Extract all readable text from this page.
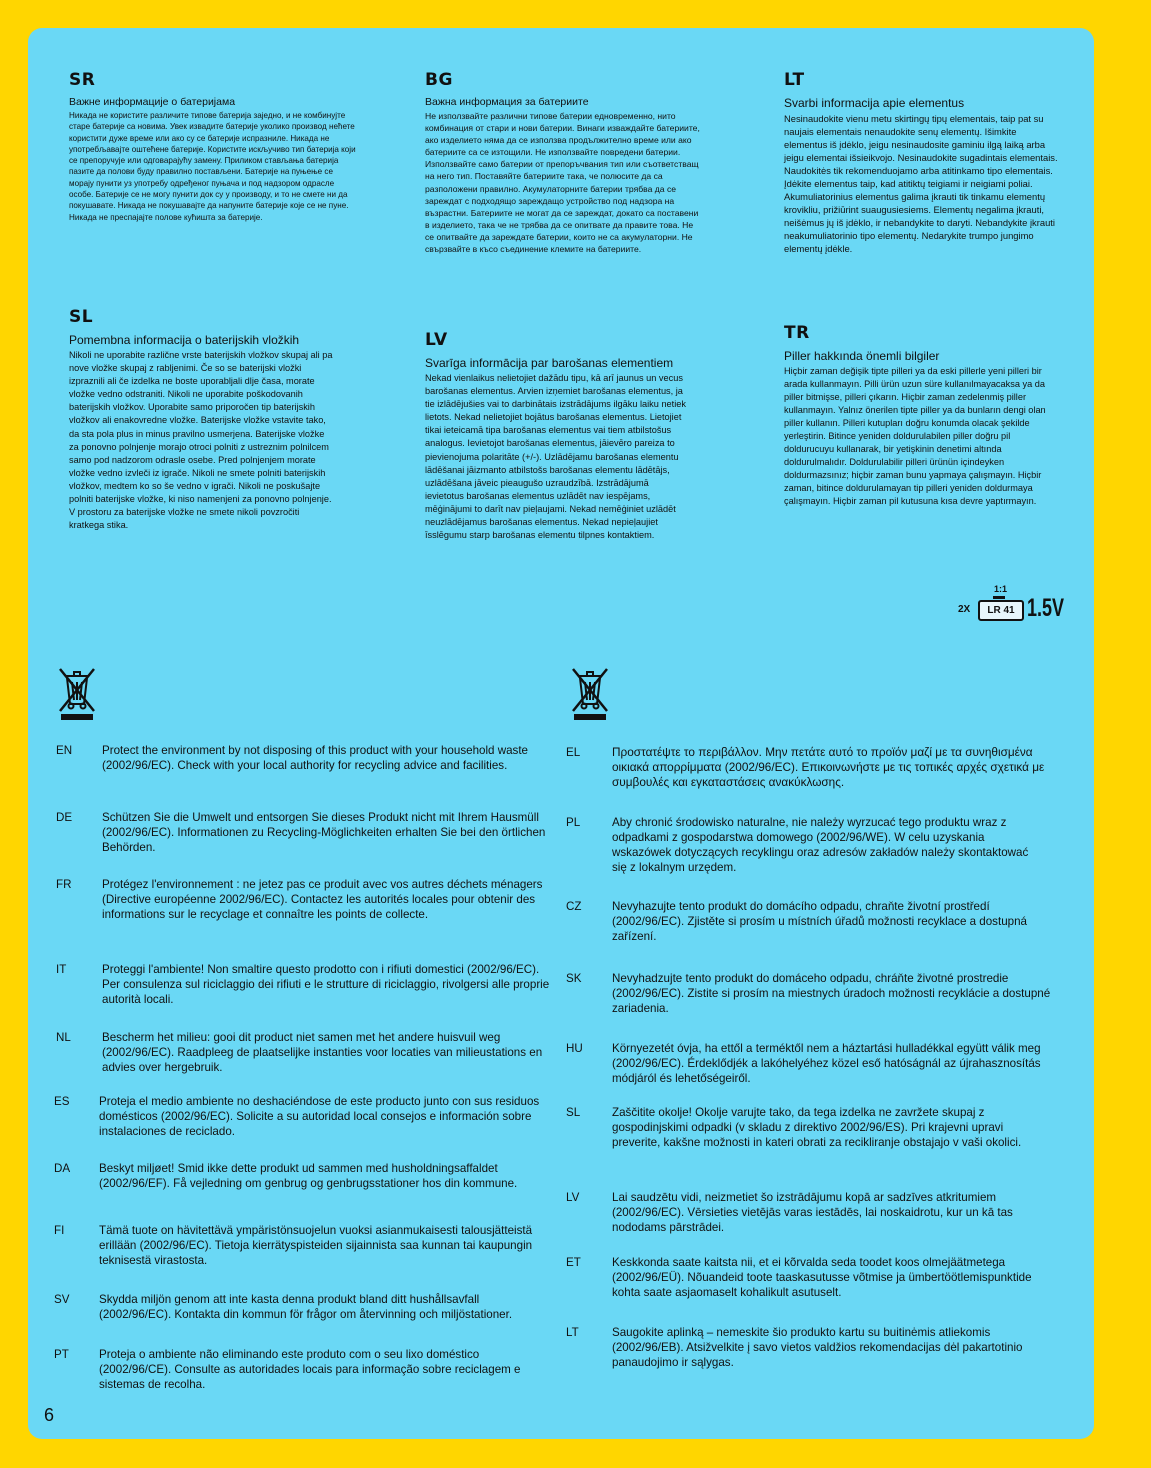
SR
Важне информације о батеријама

Никада не користите различите типове батерија заједно, и не комбинујте старе батерије са новима. Увек извадите батерије уколико производ нећете користити дуже време или ако су се батерије испразниле. Никада не употребљавајте оштећене батерије. Користите искључиво тип батерија који се препоручује или одговарајућу замену. Приликом стављања батерија пазите да полови буду правилно постављени. Батерије на пуњење се морају пунити уз употребу одређеног пуњача и под надзором одрасле особе. Батерије се не могу пунити док су у производу, и то не смете ни да покушавате. Никада не покушавајте да напуните батерије које се не пуне. Никада не преспајајте полове кућишта за батерије.

BG
Важна информация за батериите

Не използвайте различни типове батерии едновременно, нито комбинация от стари и нови батерии. Винаги изваждайте батериите, ако изделието няма да се използва продължително време или ако батериите са се изтощили. Не използвайте повредени батерии. Използвайте само батерии от препоръчвания тип или съответстващ на него тип. Поставяйте батериите така, че полюсите да са разположени правилно. Акумулаторните батерии трябва да се зареждат с подходящо зареждащо устройство под надзора на възрастни. Батериите не могат да се зареждат, докато са поставени в изделието, така че не трябва да се опитвате да правите това. Не се опитвайте да зареждате батерии, които не са акумулаторни. Не свързвайте в късо съединение клемите на батериите.

LT
Svarbi informacija apie elementus

Nesinaudokite vienu metu skirtingų tipų elementais, taip pat su naujais elementais nenaudokite senų elementų. Išimkite elementus iš įdėklo, jeigu nesinaudosite gaminiu ilgą laiką arba jeigu elementai išsieikvojo. Nesinaudokite sugadintais elementais. Naudokitės tik rekomenduojamo arba atitinkamo tipo elementais. Įdėkite elementus taip, kad atitiktų teigiami ir neigiami poliai. Akumuliatorinius elementus galima įkrauti tik tinkamu elementų krovikliu, prižiūrint suaugusiesiems. Elementų negalima įkrauti, neišėmus jų iš įdėklo, ir nebandykite to daryti. Nebandykite įkrauti neakumuliatorinio tipo elementų. Nedarykite trumpo jungimo elementų įdėkle.

SL
Pomembna informacija o baterijskih vložkih

Nikoli ne uporabite različne vrste baterijskih vložkov skupaj ali pa nove vložke skupaj z rabljenimi. Če so se baterijski vložki izpraznili ali če izdelka ne boste uporabljali dlje časa, morate vložke vedno odstraniti. Nikoli ne uporabite poškodovanih baterijskih vložkov. Uporabite samo priporočen tip baterijskih vložkov ali enakovredne vložke. Baterijske vložke vstavite tako, da sta pola plus in minus pravilno usmerjena. Baterijske vložke za ponovno polnjenje morajo otroci polniti z ustreznim polnilcem samo pod nadzorom odrasle osebe. Pred polnjenjem morate vložke vedno izvleči iz igrače. Nikoli ne smete polniti baterijskih vložkov, medtem ko so še vedno v igrači. Nikoli ne poskušajte polniti baterijske vložke, ki niso namenjeni za ponovno polnjenje. V prostoru za baterijske vložke ne smete nikoli povzročiti kratkega stika.

LV
Svarīga informācija par barošanas elementiem

Nekad vienlaikus nelietojiet dažādu tipu, kā arī jaunus un vecus barošanas elementus. Arvien izņemiet barošanas elementus, ja tie izlādējušies vai to darbinātais izstrādājums ilgāku laiku netiek lietots. Nekad nelietojiet bojātus barošanas elementus. Lietojiet tikai ieteicamā tipa barošanas elementus vai tiem atbilstošus analogus. Ievietojot barošanas elementus, jāievēro pareiza to pievienojuma polaritāte (+/-). Uzlādējamu barošanas elementu lādēšanai jāizmanto atbilstošs barošanas elementu lādētājs, uzlādēšana jāveic pieaugušo uzraudzībā. Izstrādājumā ievietotus barošanas elementus uzlādēt nav iespējams, mēģinājumi to darīt nav pieļaujami. Nekad nemēģiniet uzlādēt neuzlādējamus barošanas elementus. Nekad nepieļaujiet īsslēgumu starp barošanas elementu tilpnes kontaktiem.

TR
Piller hakkında önemli bilgiler

Hiçbir zaman değişik tipte pilleri ya da eski pillerle yeni pilleri bir arada kullanmayın. Pilli ürün uzun süre kullanılmayacaksa ya da piller bitmişse, pilleri çıkarın. Hiçbir zaman zedelenmiş piller kullanmayın. Yalnız önerilen tipte piller ya da bunların dengi olan piller kullanın. Pilleri kutupları doğru konumda olacak şekilde yerleştirin. Bitince yeniden doldurulabilen piller doğru pil doldurucuyu kullanarak, bir yetişkinin denetimi altında doldurulmalıdır. Doldurulabilir pilleri ürünün içindeyken doldurmazsınız; hiçbir zaman bunu yapmaya çalışmayın. Hiçbir zaman, bitince doldurulamayan tip pilleri yeniden doldurmaya çalışmayın. Hiçbir zaman pil kutusuna kısa devre yaptırmayın.

1:1
2X	LR 41 1.5V
EN	Protect the environment by not disposing of this product with your household waste (2002/96/EC). Check with your local authority for recycling advice and facilities.
DE	Schützen Sie die Umwelt und entsorgen Sie dieses Produkt nicht mit Ihrem Hausmüll (2002/96/EC). Informationen zu Recycling-Möglichkeiten erhalten Sie bei den örtlichen Behörden.
FR	Protégez l'environnement : ne jetez pas ce produit avec vos autres déchets ménagers (Directive européenne 2002/96/EC). Contactez les autorités locales pour obtenir des informations sur le recyclage et connaître les points de collecte.
IT	Proteggi l'ambiente! Non smaltire questo prodotto con i rifiuti domestici (2002/96/EC). Per consulenza sul riciclaggio dei rifiuti e le strutture di riciclaggio, rivolgersi alle proprie autorità locali.
NL	Bescherm het milieu: gooi dit product niet samen met het andere huisvuil weg (2002/96/EC). Raadpleeg de plaatselijke instanties voor locaties van milieustations en advies over hergebruik.
ES	Proteja el medio ambiente no deshaciéndose de este producto junto con sus residuos domésticos (2002/96/EC). Solicite a su autoridad local consejos e información sobre instalaciones de reciclado.
DA	Beskyt miljøet! Smid ikke dette produkt ud sammen med husholdningsaffaldet (2002/96/EF). Få vejledning om genbrug og genbrugsstationer hos din kommune.
FI	Tämä tuote on hävitettävä ympäristönsuojelun vuoksi asianmukaisesti talousjätteistä erillään (2002/96/EC). Tietoja kierrätyspisteiden sijainnista saa kunnan tai kaupungin teknisestä virastosta.
SV	Skydda miljön genom att inte kasta denna produkt bland ditt hushållsavfall (2002/96/EC). Kontakta din kommun för frågor om återvinning och miljöstationer.
PT	Proteja o ambiente não eliminando este produto com o seu lixo doméstico (2002/96/CE). Consulte as autoridades locais para informação sobre reciclagem e sistemas de recolha.
EL	Προστατέψτε το περιβάλλον. Μην πετάτε αυτό το προϊόν μαζί με τα συνηθισμένα οικιακά απορρίμματα (2002/96/EC). Επικοινωνήστε με τις τοπικές αρχές σχετικά με συμβουλές και εγκαταστάσεις ανακύκλωσης.
PL	Aby chronić środowisko naturalne, nie należy wyrzucać tego produktu wraz z odpadkami z gospodarstwa domowego (2002/96/WE). W celu uzyskania wskazówek dotyczących recyklingu oraz adresów zakładów należy skontaktować się z lokalnym urzędem.
CZ	Nevyhazujte tento produkt do domácího odpadu, chraňte životní prostředí (2002/96/EC). Zjistěte si prosím u místních úřadů možnosti recyklace a dostupná zařízení.
SK	Nevyhadzujte tento produkt do domáceho odpadu, chráňte životné prostredie (2002/96/EC). Zistite si prosím na miestnych úradoch možnosti recyklácie a dostupné zariadenia.
HU	Környezetét óvja, ha ettől a terméktől nem a háztartási hulladékkal együtt válik meg (2002/96/EC). Érdeklődjék a lakóhelyéhez közel eső hatóságnál az újrahasznosítás módjáról és lehetőségeiről.
SL	Zaščitite okolje! Okolje varujte tako, da tega izdelka ne zavržete skupaj z gospodinjskimi odpadki (v skladu z direktivo 2002/96/ES). Pri krajevni upravi preverite, kakšne možnosti in kateri obrati za recikliranje obstajajo v vaši okolici.
LV	Lai saudzētu vidi, neizmetiet šo izstrādājumu kopā ar sadzīves atkritumiem (2002/96/EC). Vērsieties vietējās varas iestādēs, lai noskaidrotu, kur un kā tas nododams pārstrādei.
ET	Keskkonda saate kaitsta nii, et ei kõrvalda seda toodet koos olmejäätmetega (2002/96/EÜ). Nõuandeid toote taaskasutusse võtmise ja ümbertöötlemispunktide kohta saate asjaomaselt kohalikult asutuselt.
LT	Saugokite aplinką – nemeskite šio produkto kartu su buitinėmis atliekomis (2002/96/EB). Atsižvelkite į savo vietos valdžios rekomendacijas dėl pakartotinio panaudojimo ir sąlygas.
6
